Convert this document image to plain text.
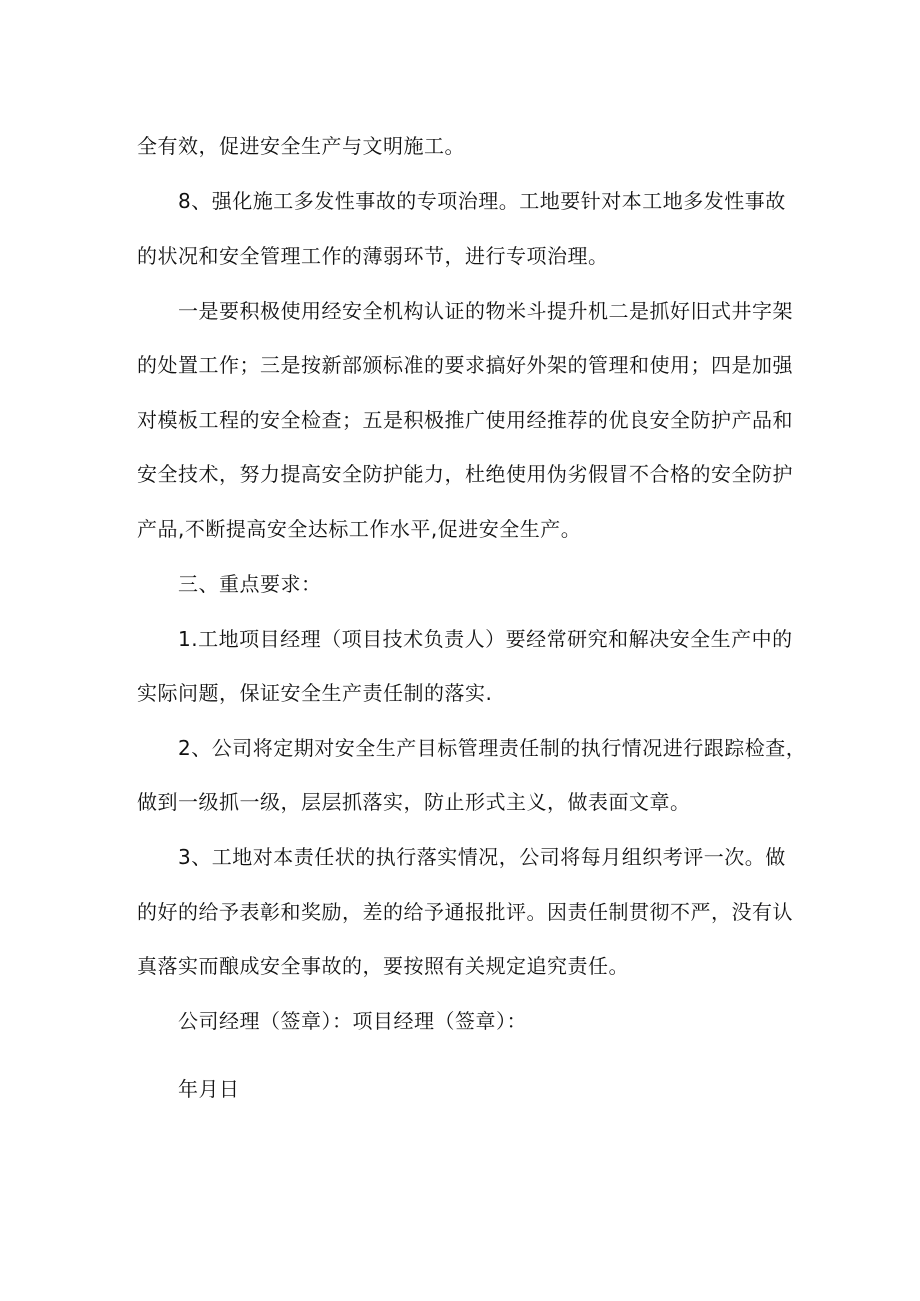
全有效，促进安全生产与文明施工。
8、强化施工多发性事故的专项治理。工地要针对本工地多发性事故
的状况和安全管理工作的薄弱环节，进行专项治理。
一是要积极使用经安全机构认证的物米斗提升机二是抓好旧式井字架
的处置工作；三是按新部颁标准的要求搞好外架的管理和使用；四是加强
对模板工程的安全检查；五是积极推广使用经推荐的优良安全防护产品和
安全技术，努力提高安全防护能力，杜绝使用伪劣假冒不合格的安全防护
产品,不断提高安全达标工作水平,促进安全生产。
三、重点要求：
1.工地项目经理（项目技术负责人）要经常研究和解决安全生产中的
实际问题，保证安全生产责任制的落实.
2、公司将定期对安全生产目标管理责任制的执行情况进行跟踪检查，
做到一级抓一级，层层抓落实，防止形式主义，做表面文章。
3、工地对本责任状的执行落实情况，公司将每月组织考评一次。做
的好的给予表彰和奖励，差的给予通报批评。因责任制贯彻不严，没有认
真落实而酿成安全事故的，要按照有关规定追究责任。
公司经理（签章）：项目经理（签章）：
年月日
